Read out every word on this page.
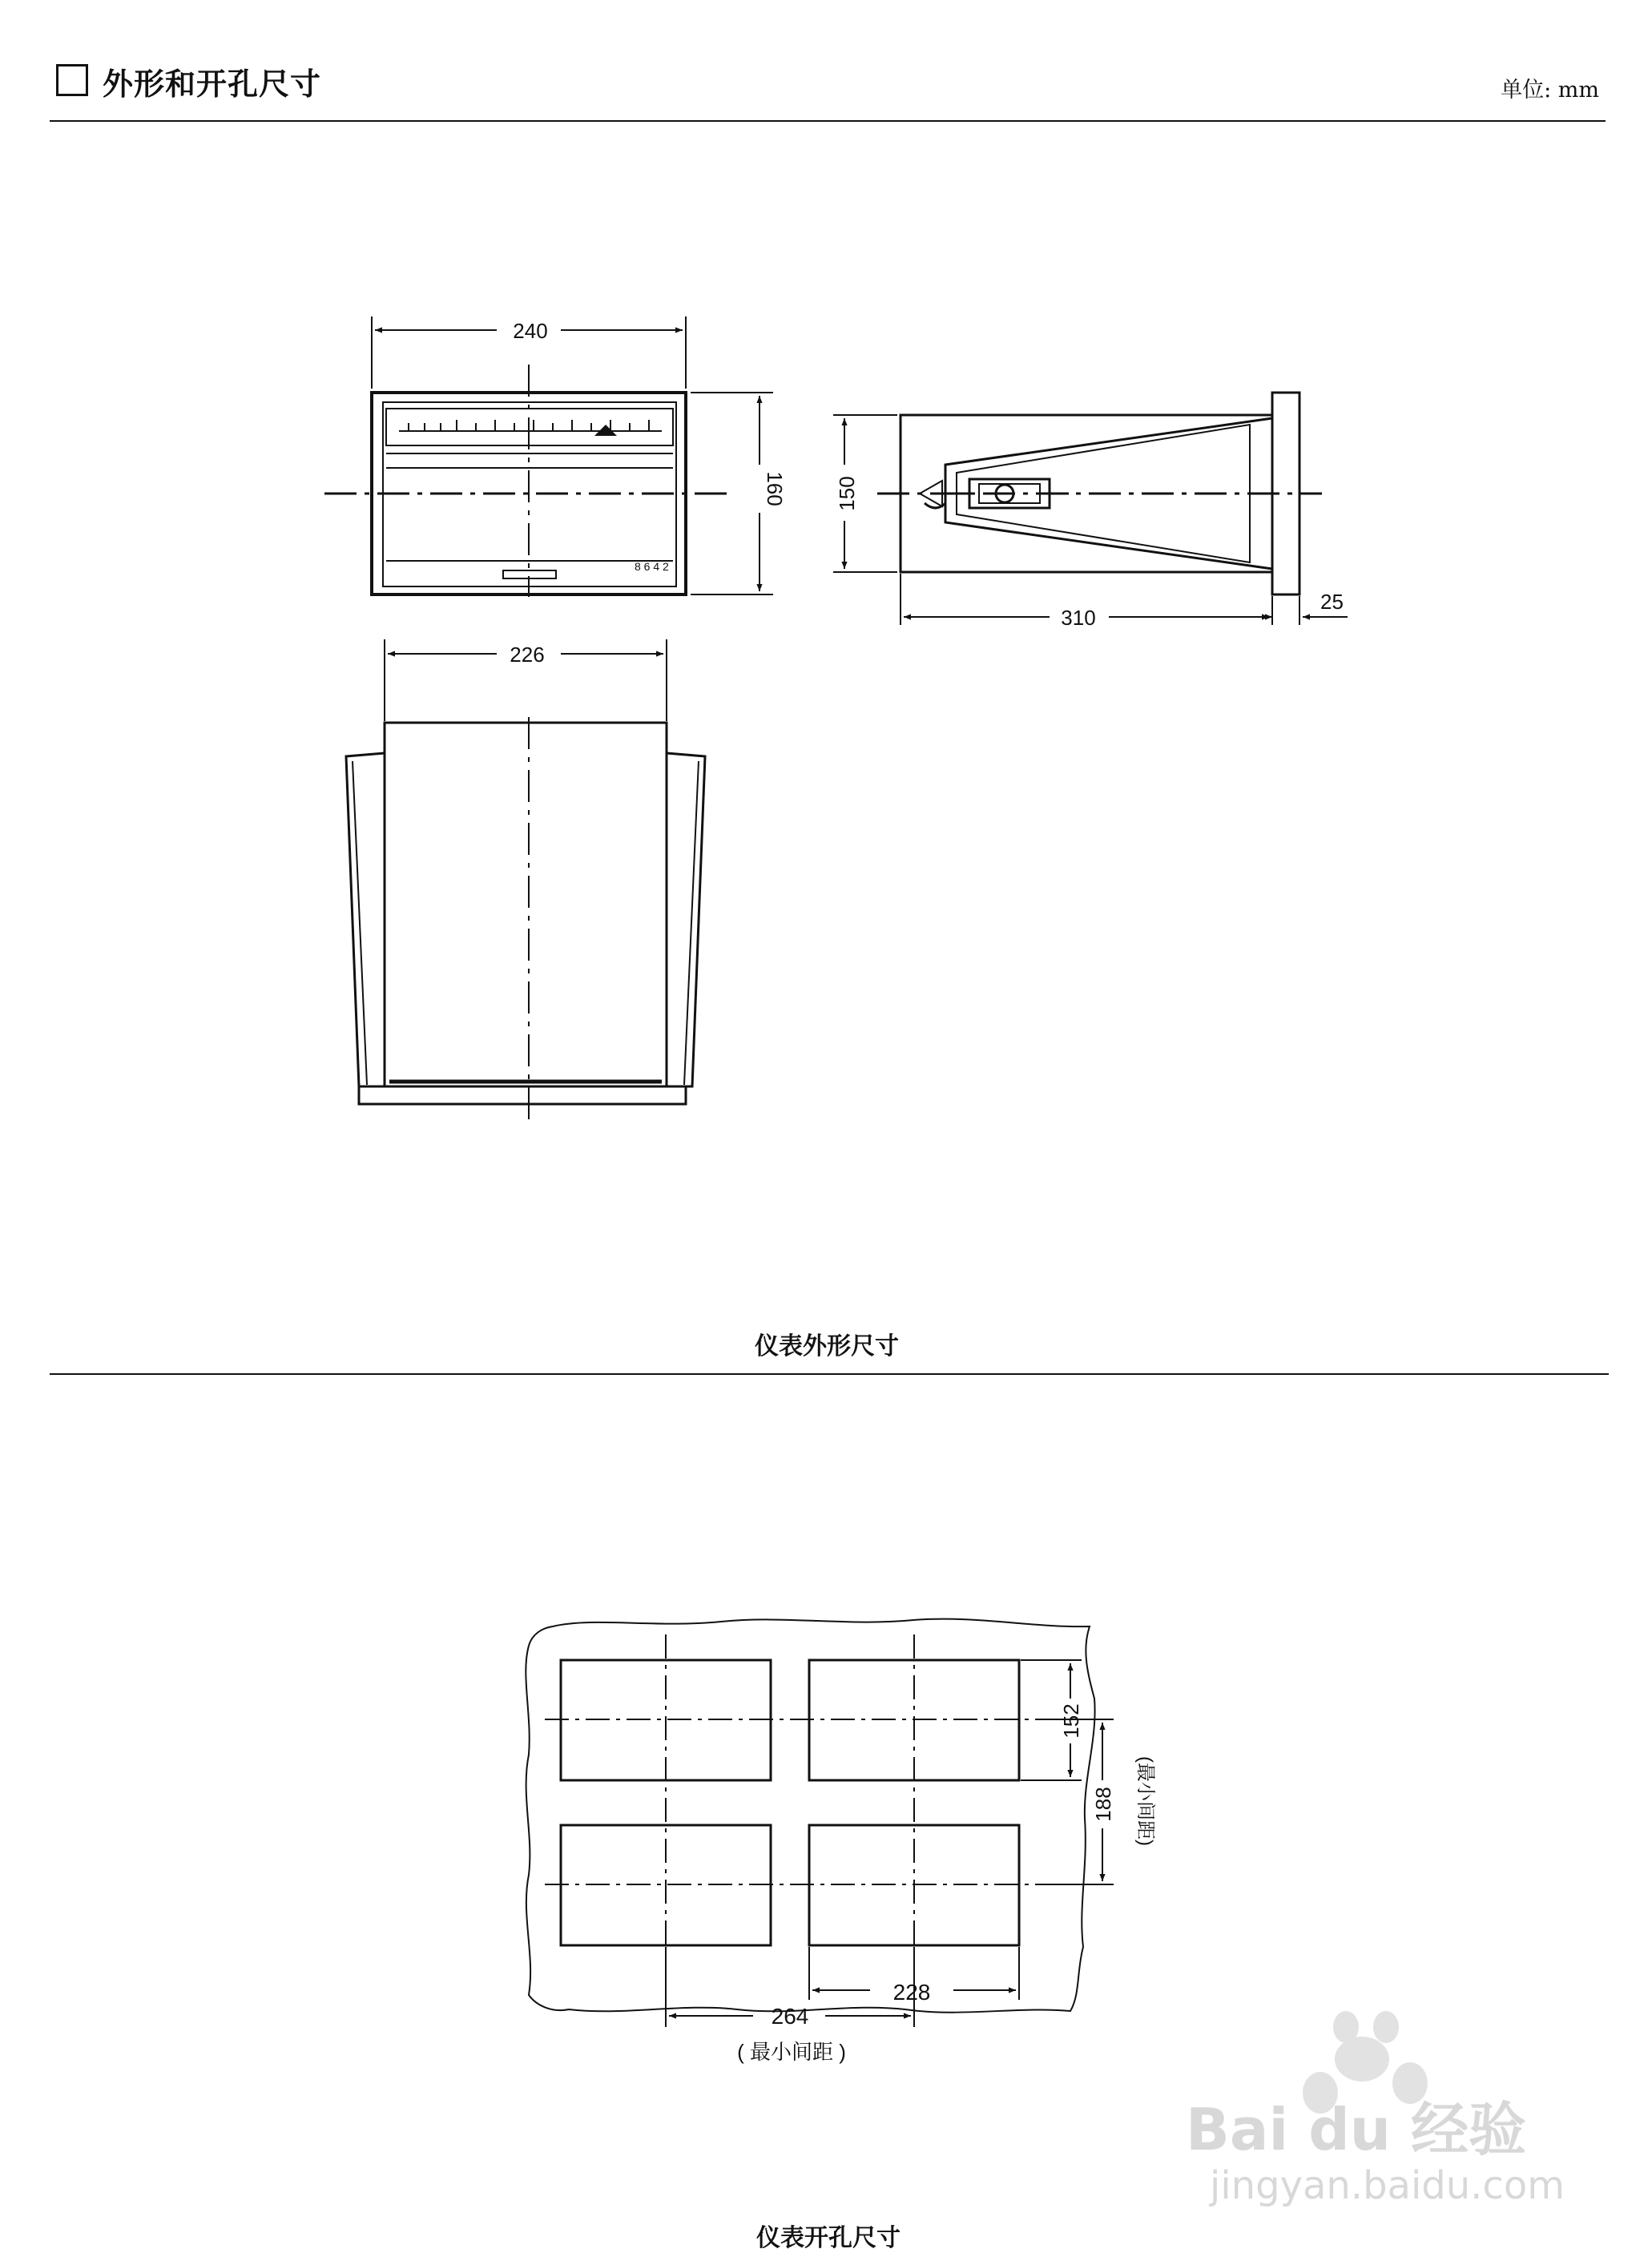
外形和开孔尺寸	单位: mm
8 6 4 2
240
160
226
150
310
25
152
188 (最小间距)
228
264
( 最小间距 )
仪表外形尺寸
仪表开孔尺寸
Bai du 经验
jingyan.baidu.com
